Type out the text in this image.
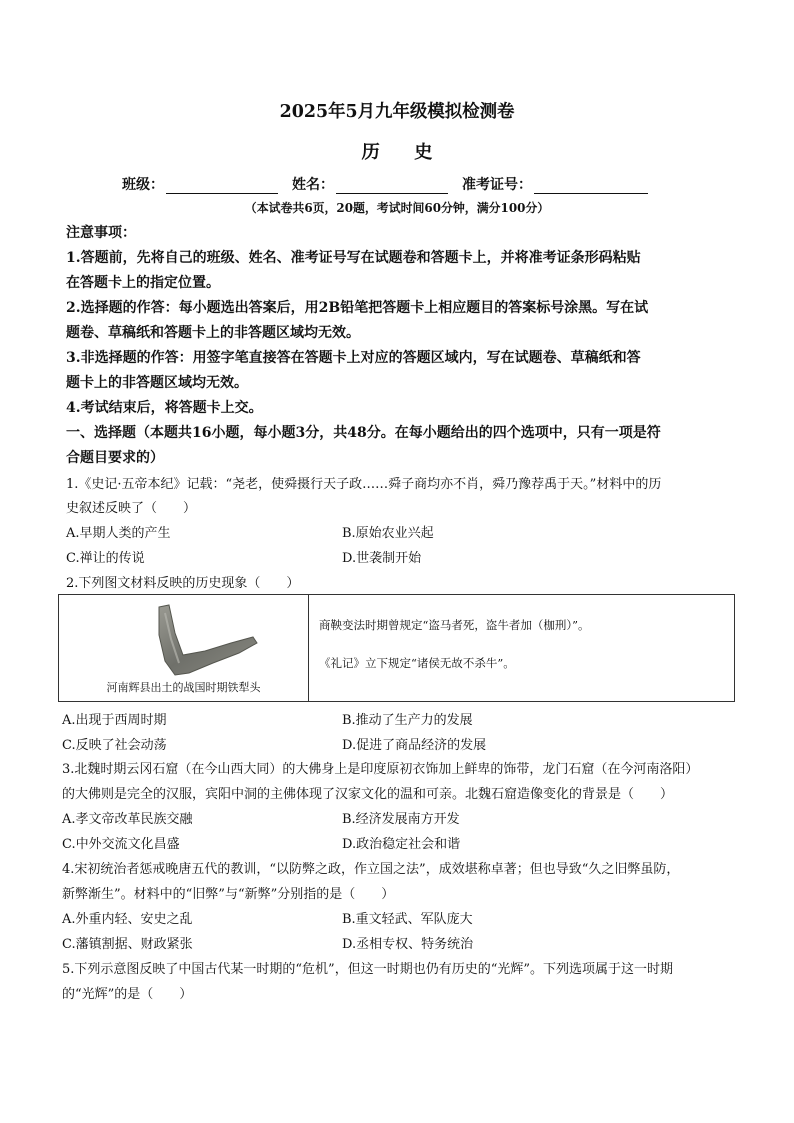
2025年5月九年级模拟检测卷
历 史
班级：	姓名：	准考证号：
（本试卷共6页，20题，考试时间60分钟，满分100分）
注意事项：
1.答题前，先将自己的班级、姓名、准考证号写在试题卷和答题卡上，并将准考证条形码粘贴
在答题卡上的指定位置。
2.选择题的作答：每小题选出答案后，用2B铅笔把答题卡上相应题目的答案标号涂黑。写在试
题卷、草稿纸和答题卡上的非答题区域均无效。
3.非选择题的作答：用签字笔直接答在答题卡上对应的答题区域内，写在试题卷、草稿纸和答
题卡上的非答题区域均无效。
4.考试结束后，将答题卡上交。
一、选择题（本题共16小题，每小题3分，共48分。在每小题给出的四个选项中，只有一项是符
合题目要求的）
1.《史记·五帝本纪》记载：“尧老，使舜摄行天子政……舜子商均亦不肖，舜乃豫荐禹于天。”材料中的历
史叙述反映了（　　）
A.早期人类的产生	B.原始农业兴起
C.禅让的传说	D.世袭制开始
2.下列图文材料反映的历史现象（　　）
河南辉县出土的战国时期铁犁头
商鞅变法时期曾规定“盗马者死，盗牛者加（枷刑）”。
《礼记》立下规定“诸侯无故不杀牛”。
A.出现于西周时期	B.推动了生产力的发展
C.反映了社会动荡	D.促进了商品经济的发展
3.北魏时期云冈石窟（在今山西大同）的大佛身上是印度原初衣饰加上鲜卑的饰带，龙门石窟（在今河南洛阳）
的大佛则是完全的汉服，宾阳中洞的主佛体现了汉家文化的温和可亲。北魏石窟造像变化的背景是（　　）
A.孝文帝改革民族交融	B.经济发展南方开发
C.中外交流文化昌盛	D.政治稳定社会和谐
4.宋初统治者惩戒晚唐五代的教训，“以防弊之政，作立国之法”，成效堪称卓著；但也导致“久之旧弊虽防，
新弊渐生”。材料中的“旧弊”与“新弊”分别指的是（　　）
A.外重内轻、安史之乱	B.重文轻武、军队庞大
C.藩镇割据、财政紧张	D.丞相专权、特务统治
5.下列示意图反映了中国古代某一时期的“危机”，但这一时期也仍有历史的“光辉”。下列选项属于这一时期
的“光辉”的是（　　）
